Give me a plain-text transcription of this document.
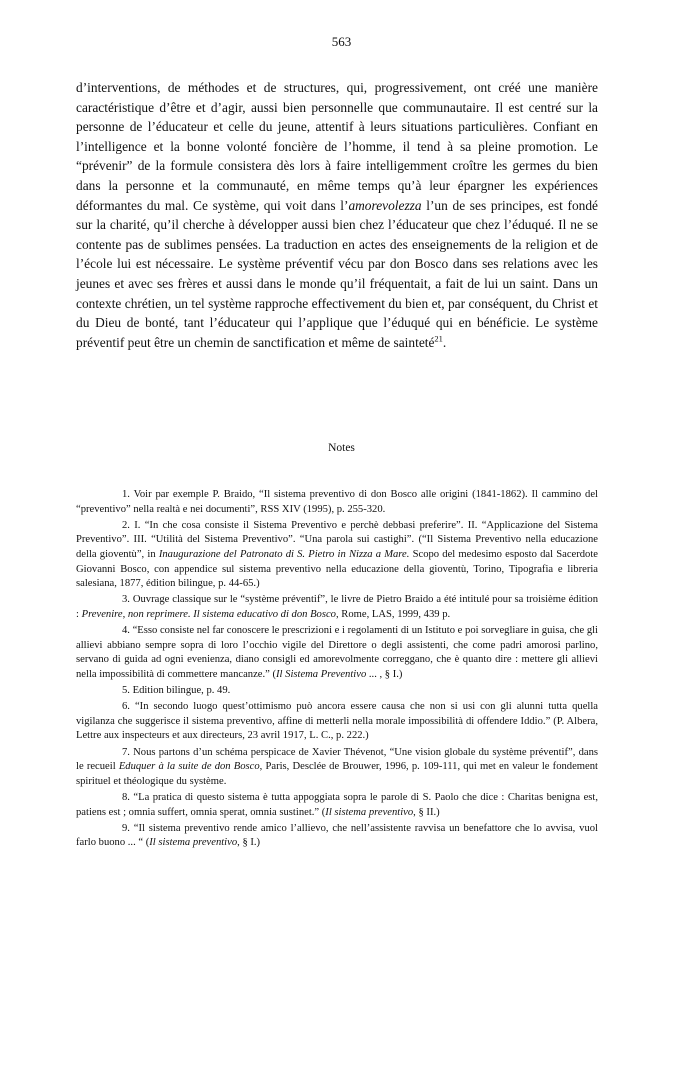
563

d’interventions, de méthodes et de structures, qui, progressivement, ont créé une manière caractéristique d’être et d’agir, aussi bien personnelle que communautaire. Il est centré sur la personne de l’éducateur et celle du jeune, attentif à leurs situations particulières. Confiant en l’intelligence et la bonne volonté foncière de l’homme, il tend à sa pleine promotion. Le “prévenir” de la formule consistera dès lors à faire intelligemment croître les germes du bien dans la personne et la communauté, en même temps qu’à leur épargner les expériences déformantes du mal. Ce système, qui voit dans l’amorevolezza l’un de ses principes, est fondé sur la charité, qu’il cherche à développer aussi bien chez l’éducateur que chez l’éduqué. Il ne se contente pas de sublimes pensées. La traduction en actes des enseignements de la religion et de l’école lui est nécessaire. Le système préventif vécu par don Bosco dans ses relations avec les jeunes et avec ses frères et aussi dans le monde qu’il fréquentait, a fait de lui un saint. Dans un contexte chrétien, un tel système rapproche effectivement du bien et, par conséquent, du Christ et du Dieu de bonté, tant l’éducateur qui l’applique que l’éduqué qui en bénéficie. Le système préventif peut être un chemin de sanctification et même de sainteté$^{21}$.

Notes

1. Voir par exemple P. Braido, “Il sistema preventivo di don Bosco alle origini (1841-1862). Il cammino del “preventivo” nella realtà e nei documenti”, RSS XIV (1995), p. 255-320.

2. I. “In che cosa consiste il Sistema Preventivo e perchè debbasi preferire”. II. “Applicazione del Sistema Preventivo”. III. “Utilità del Sistema Preventivo”. “Una parola sui castighi”. (“Il Sistema Preventivo nella educazione della gioventù”, in Inaugurazione del Patronato di S. Pietro in Nizza a Mare. Scopo del medesimo esposto dal Sacerdote Giovanni Bosco, con appendice sul sistema preventivo nella educazione della gioventù, Torino, Tipografia e libreria salesiana, 1877, édition bilingue, p. 44-65.)

3. Ouvrage classique sur le “système préventif”, le livre de Pietro Braido a été intitulé pour sa troisième édition : Prevenire, non reprimere. Il sistema educativo di don Bosco, Rome, LAS, 1999, 439 p.

4. “Esso consiste nel far conoscere le prescrizioni e i regolamenti di un Istituto e poi sorvegliare in guisa, che gli allievi abbiano sempre sopra di loro l’occhio vigile del Direttore o degli assistenti, che come padri amorosi parlino, servano di guida ad ogni evenienza, diano consigli ed amorevolmente correggano, che è quanto dire : mettere gli allievi nella impossibilità di commettere mancanze.” (Il Sistema Preventivo ... , § I.)

5. Edition bilingue, p. 49.

6. “In secondo luogo quest’ottimismo può ancora essere causa che non si usi con gli alunni tutta quella vigilanza che suggerisce il sistema preventivo, affine di metterli nella morale impossibilità di offendere Iddio.” (P. Albera, Lettre aux inspecteurs et aux directeurs, 23 avril 1917, L. C., p. 222.)

7. Nous partons d’un schéma perspicace de Xavier Thévenot, “Une vision globale du système préventif”, dans le recueil Eduquer à la suite de don Bosco, Paris, Desclée de Brouwer, 1996, p. 109-111, qui met en valeur le fondement spirituel et théologique du système.

8. “La pratica di questo sistema è tutta appoggiata sopra le parole di S. Paolo che dice : Charitas benigna est, patiens est ; omnia suffert, omnia sperat, omnia sustinet.” (Il sistema preventivo, § II.)

9. “Il sistema preventivo rende amico l’allievo, che nell’assistente ravvisa un benefattore che lo avvisa, vuol farlo buono ... “ (Il sistema preventivo, § I.)
